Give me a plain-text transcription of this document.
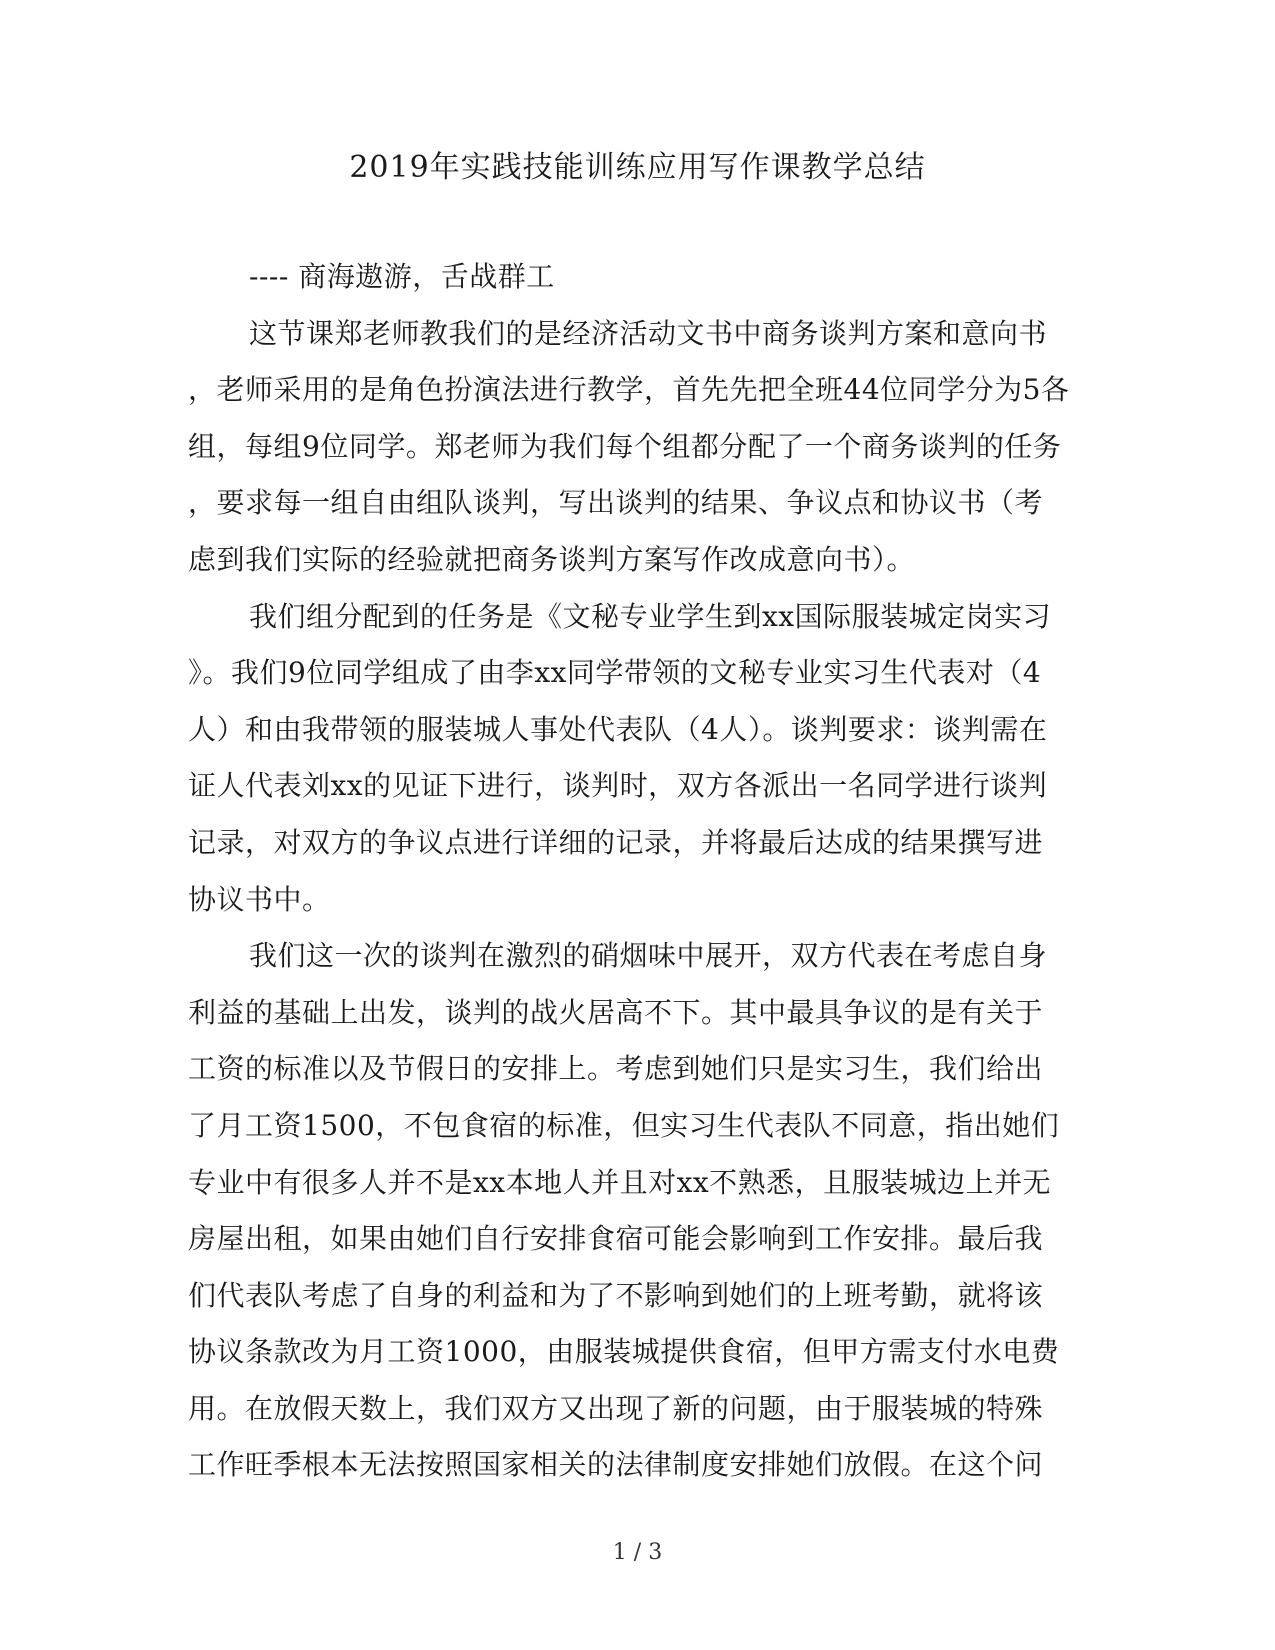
2019年实践技能训练应用写作课教学总结
---- 商海遨游，舌战群工
这节课郑老师教我们的是经济活动文书中商务谈判方案和意向书
，老师采用的是角色扮演法进行教学，首先先把全班44位同学分为5各
组，每组9位同学。郑老师为我们每个组都分配了一个商务谈判的任务
，要求每一组自由组队谈判，写出谈判的结果、争议点和协议书（考
虑到我们实际的经验就把商务谈判方案写作改成意向书）。
我们组分配到的任务是《文秘专业学生到xx国际服装城定岗实习
》。我们9位同学组成了由李xx同学带领的文秘专业实习生代表对（4
人）和由我带领的服装城人事处代表队（4人）。谈判要求：谈判需在
证人代表刘xx的见证下进行，谈判时，双方各派出一名同学进行谈判
记录，对双方的争议点进行详细的记录，并将最后达成的结果撰写进
协议书中。
我们这一次的谈判在激烈的硝烟味中展开，双方代表在考虑自身
利益的基础上出发，谈判的战火居高不下。其中最具争议的是有关于
工资的标准以及节假日的安排上。考虑到她们只是实习生，我们给出
了月工资1500，不包食宿的标准，但实习生代表队不同意，指出她们
专业中有很多人并不是xx本地人并且对xx不熟悉，且服装城边上并无
房屋出租，如果由她们自行安排食宿可能会影响到工作安排。最后我
们代表队考虑了自身的利益和为了不影响到她们的上班考勤，就将该
协议条款改为月工资1000，由服装城提供食宿，但甲方需支付水电费
用。在放假天数上，我们双方又出现了新的问题，由于服装城的特殊
工作旺季根本无法按照国家相关的法律制度安排她们放假。在这个问
1 / 3
